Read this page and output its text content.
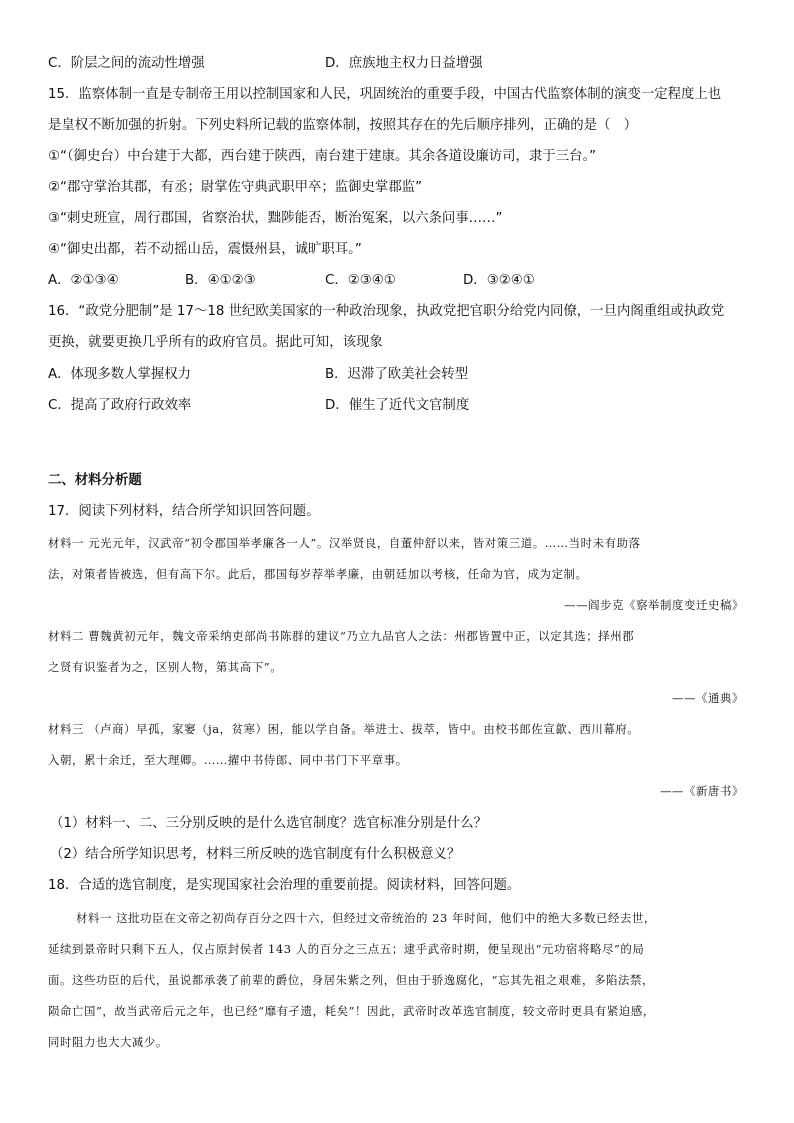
C．阶层之间的流动性增强	D．庶族地主权力日益增强
15．监察体制一直是专制帝王用以控制国家和人民，巩固统治的重要手段，中国古代监察体制的演变一定程度上也
是皇权不断加强的折射。下列史料所记载的监察体制，按照其存在的先后顺序排列，正确的是（　）
①“（御史台）中台建于大都，西台建于陕西，南台建于建康。其余各道设廉访司，隶于三台。”
②“郡守掌治其郡，有丞；尉掌佐守典武职甲卒；监御史掌郡监”
③“刺史班宣，周行郡国，省察治状，黜陟能否，断治冤案，以六条问事……”
④“御史出都，若不动摇山岳，震慑州县，诚旷职耳。”
A．②①③④	B．④①②③	C．②③④①	D．③②④①
16．“政党分肥制”是 17～18 世纪欧美国家的一种政治现象，执政党把官职分给党内同僚，一旦内阁重组或执政党
更换，就要更换几乎所有的政府官员。据此可知，该现象
A．体现多数人掌握权力	B．迟滞了欧美社会转型
C．提高了政府行政效率	D．催生了近代文官制度
二、材料分析题
17．阅读下列材料，结合所学知识回答问题。
材料一 元光元年，汉武帝“初令郡国举孝廉各一人”。汉举贤良，自董仲舒以来，皆对策三道。……当时未有助落
法，对策者皆被选，但有高下尔。此后，郡国每岁荐举孝廉，由朝廷加以考核，任命为官，成为定制。
——阎步克《察举制度变迁史稿》
材料二 曹魏黄初元年，魏文帝采纳吏部尚书陈群的建议“乃立九品官人之法：州郡皆置中正，以定其选；择州郡
之贤有识鉴者为之，区别人物，第其高下”。
——《通典》
材料三 （卢商）早孤，家窭（ja，贫寒）困，能以学自备。举进士、拔萃，皆中。由校书郎佐宣歙、西川幕府。
入朝，累十余迁，至大理卿。……擢中书侍郎、同中书门下平章事。
——《新唐书》
（1）材料一、二、三分别反映的是什么选官制度？选官标准分别是什么？
（2）结合所学知识思考，材料三所反映的选官制度有什么积极意义？
18．合适的选官制度，是实现国家社会治理的重要前提。阅读材料，回答问题。
材料一 这批功臣在文帝之初尚存百分之四十六，但经过文帝统治的 23 年时间，他们中的绝大多数已经去世，
延续到景帝时只剩下五人，仅占原封侯者 143 人的百分之三点五；逮乎武帝时期，便呈现出“元功宿将略尽”的局
面。这些功臣的后代，虽说都承袭了前辈的爵位，身居朱紫之列，但由于骄逸腐化，“忘其先祖之艰难，多陷法禁，
陨命亡国”，故当武帝后元之年，也已经“靡有孑遗，耗矣”！因此，武帝时改革选官制度，较文帝时更具有紧迫感，
同时阻力也大大减少。
